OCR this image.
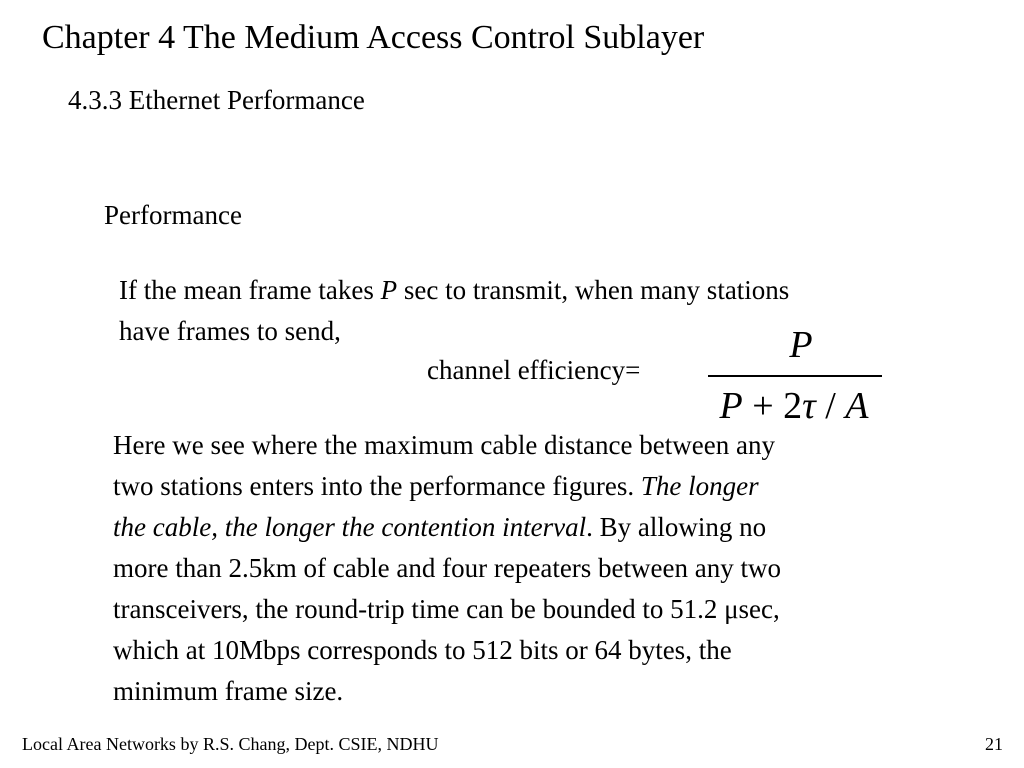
Chapter 4 The Medium Access Control Sublayer
4.3.3 Ethernet Performance
Performance
If the mean frame takes P sec to transmit, when many stations
have frames to send,
channel efficiency=
P
P + 2τ / A
Here we see where the maximum cable distance between any
two stations enters into the performance figures. The longer
the cable, the longer the contention interval. By allowing no
more than 2.5km of cable and four repeaters between any two
transceivers, the round-trip time can be bounded to 51.2 μsec,
which at 10Mbps corresponds to 512 bits or 64 bytes, the
minimum frame size.
Local Area Networks by R.S. Chang, Dept. CSIE, NDHU	21
